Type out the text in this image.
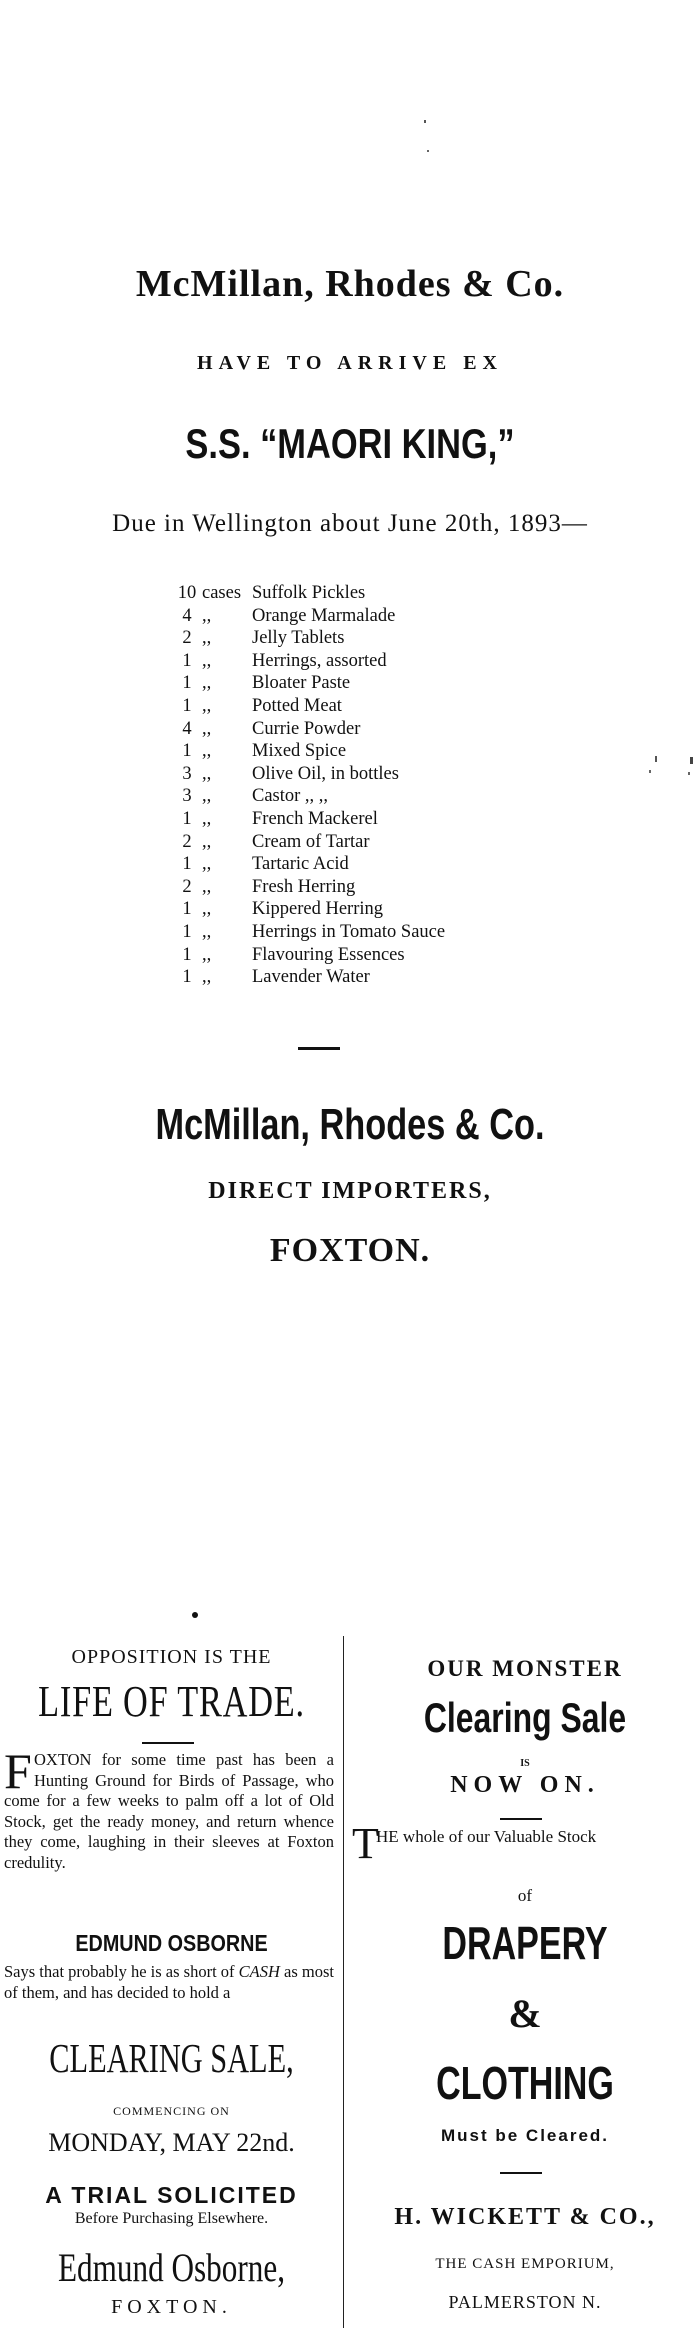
McMillan, Rhodes & Co.
HAVE TO ARRIVE EX
S.S. “MAORI KING,”
Due in Wellington about June 20th, 1893—
10 cases Suffolk Pickles
4 ,,	Orange Marmalade
2 ,,	Jelly Tablets
1 ,,	Herrings, assorted
1 ,,	Bloater Paste
1 ,,	Potted Meat
4 ,,	Currie Powder
1 ,,	Mixed Spice
3 ,,	Olive Oil, in bottles
3 ,,	Castor ,, ,,
1 ,,	French Mackerel
2 ,,	Cream of Tartar
1 ,,	Tartaric Acid
2 ,,	Fresh Herring
1 ,,	Kippered Herring
1 ,,	Herrings in Tomato Sauce
1 ,,	Flavouring Essences
1 ,,	Lavender Water
McMillan, Rhodes & Co.
DIRECT IMPORTERS,
FOXTON.
OPPOSITION IS THE
LIFE OF TRADE.
F OXTON for some time past has been a Hunting Ground for Birds of Passage, who come for a few weeks to palm off a lot of Old Stock, get the ready money, and return whence they come, laughing in their sleeves at Foxton credulity.
EDMUND OSBORNE
Says that probably he is as short of CASH as most of them, and has decided to hold a
CLEARING SALE,
COMMENCING ON
MONDAY, MAY 22nd.
A TRIAL SOLICITED
Before Purchasing Elsewhere.
Edmund Osborne,
FOXTON.
OUR MONSTER
Clearing Sale
IS
NOW ON.
T
HE whole of our Valuable Stock
of
DRAPERY
&
CLOTHING
Must be Cleared.
H. WICKETT & CO.,
THE CASH EMPORIUM,
PALMERSTON N.
